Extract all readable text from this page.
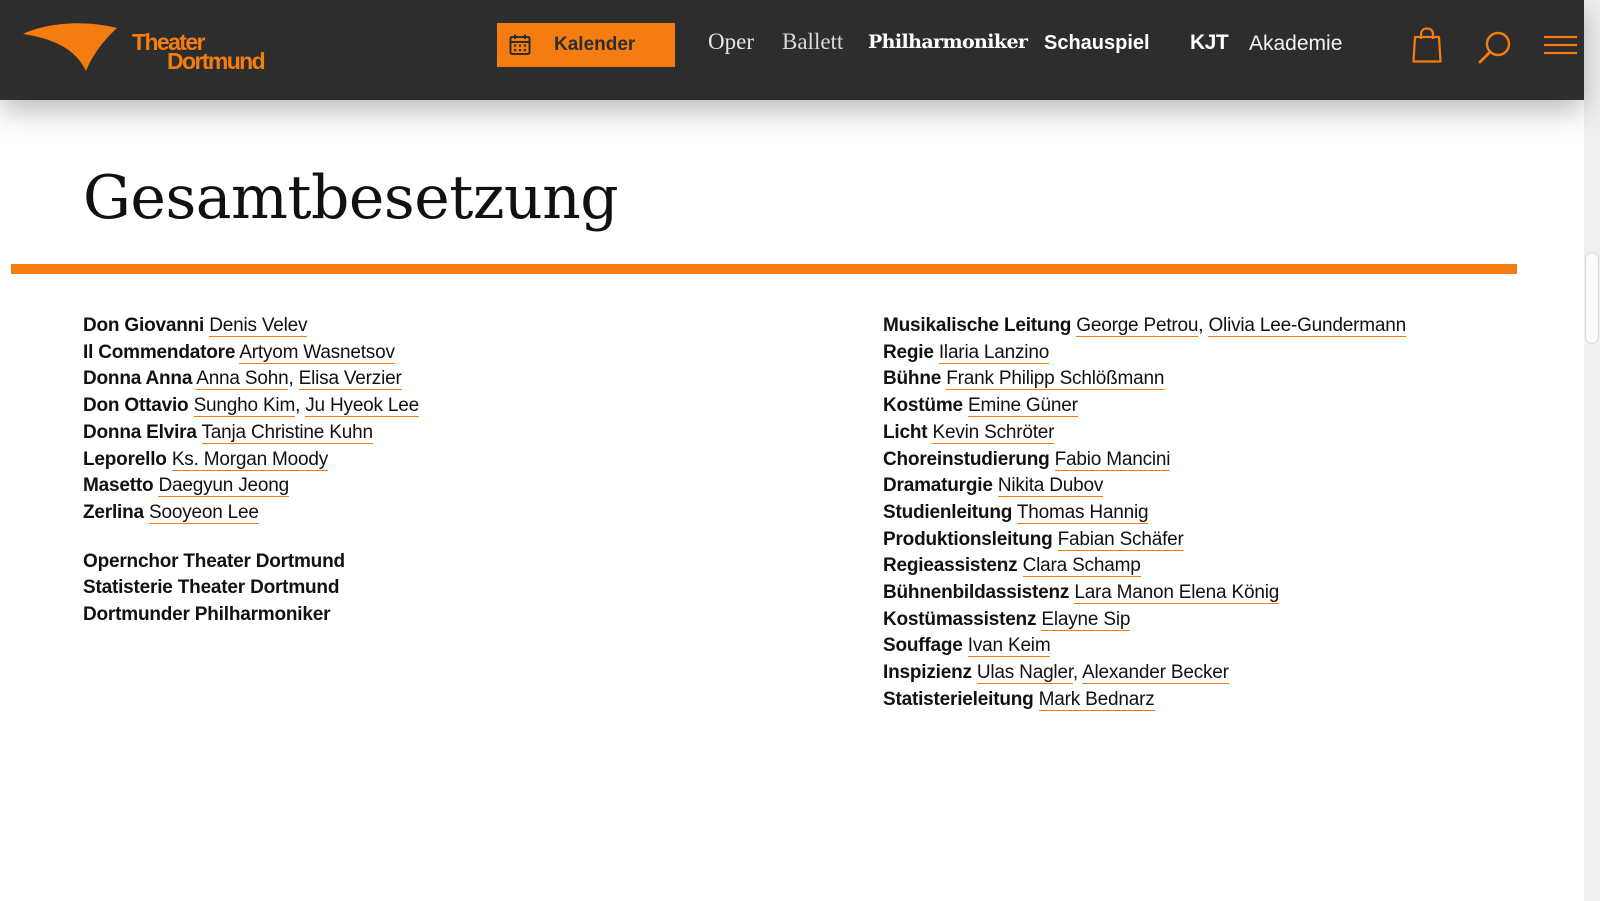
Theater
Dortmund
Kalender	Oper Ballett Philharmoniker Schauspiel KJT Akademie
Gesamtbesetzung
Don Giovanni Denis Velev
Il Commendatore Artyom Wasnetsov
Donna Anna Anna Sohn, Elisa Verzier
Don Ottavio Sungho Kim, Ju Hyeok Lee
Donna Elvira Tanja Christine Kuhn
Leporello Ks. Morgan Moody
Masetto Daegyun Jeong
Zerlina Sooyeon Lee
Opernchor Theater Dortmund
Statisterie Theater Dortmund
Dortmunder Philharmoniker
Musikalische Leitung George Petrou, Olivia Lee-Gundermann
Regie Ilaria Lanzino
Bühne Frank Philipp Schlößmann
Kostüme Emine Güner
Licht Kevin Schröter
Choreinstudierung Fabio Mancini
Dramaturgie Nikita Dubov
Studienleitung Thomas Hannig
Produktionsleitung Fabian Schäfer
Regieassistenz Clara Schamp
Bühnenbildassistenz Lara Manon Elena König
Kostümassistenz Elayne Sip
Souffage Ivan Keim
Inspizienz Ulas Nagler, Alexander Becker
Statisterieleitung Mark Bednarz
